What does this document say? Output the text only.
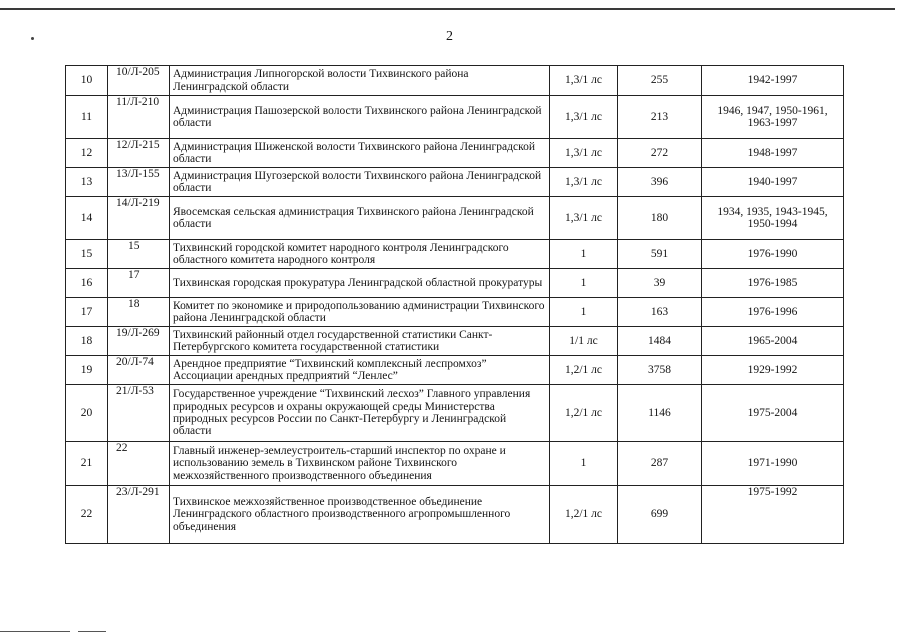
2
10	10/Л-205	Администрация Липногорской волости Тихвинского района Ленинградской области	1,3/1 лс	255	1942-1997
11	11/Л-210	Администрация Пашозерской волости Тихвинского района Ленинградской области	1,3/1 лс	213	1946, 1947, 1950-1961, 1963-1997
12	12/Л-215	Администрация Шиженской волости Тихвинского района Ленинградской области	1,3/1 лс	272	1948-1997
13	13/Л-155	Администрация Шугозерской волости Тихвинского района Ленинградской области	1,3/1 лс	396	1940-1997
14	14/Л-219	Явосемская сельская администрация Тихвинского района Ленинградской области	1,3/1 лс	180	1934, 1935, 1943-1945, 1950-1994
15	15	Тихвинский городской комитет народного контроля Ленинградского областного комитета народного контроля	1	591	1976-1990
16	17	Тихвинская городская прокуратура Ленинградской областной прокуратуры	1	39	1976-1985
17	18	Комитет по экономике и природопользованию администрации Тихвинского района Ленинградской области	1	163	1976-1996
18	19/Л-269	Тихвинский районный отдел государственной статистики Санкт-Петербургского комитета государственной статистики	1/1 лс	1484	1965-2004
19	20/Л-74	Арендное предприятие “Тихвинский комплексный леспромхоз” Ассоциации арендных предприятий “Ленлес”	1,2/1 лс	3758	1929-1992
20	21/Л-53	Государственное учреждение “Тихвинский лесхоз” Главного управления природных ресурсов и охраны окружающей среды Министерства природных ресурсов России по Санкт-Петербургу и Ленинградской области	1,2/1 лс	1146	1975-2004
21	22	Главный инженер-землеустроитель-старший инспектор по охране и использованию земель в Тихвинском районе Тихвинского межхозяйственного производственного объединения	1	287	1971-1990
22	23/Л-291	Тихвинское межхозяйственное производственное объединение Ленинградского областного производственного агропромышленного объединения	1,2/1 лс	699	1975-1992
